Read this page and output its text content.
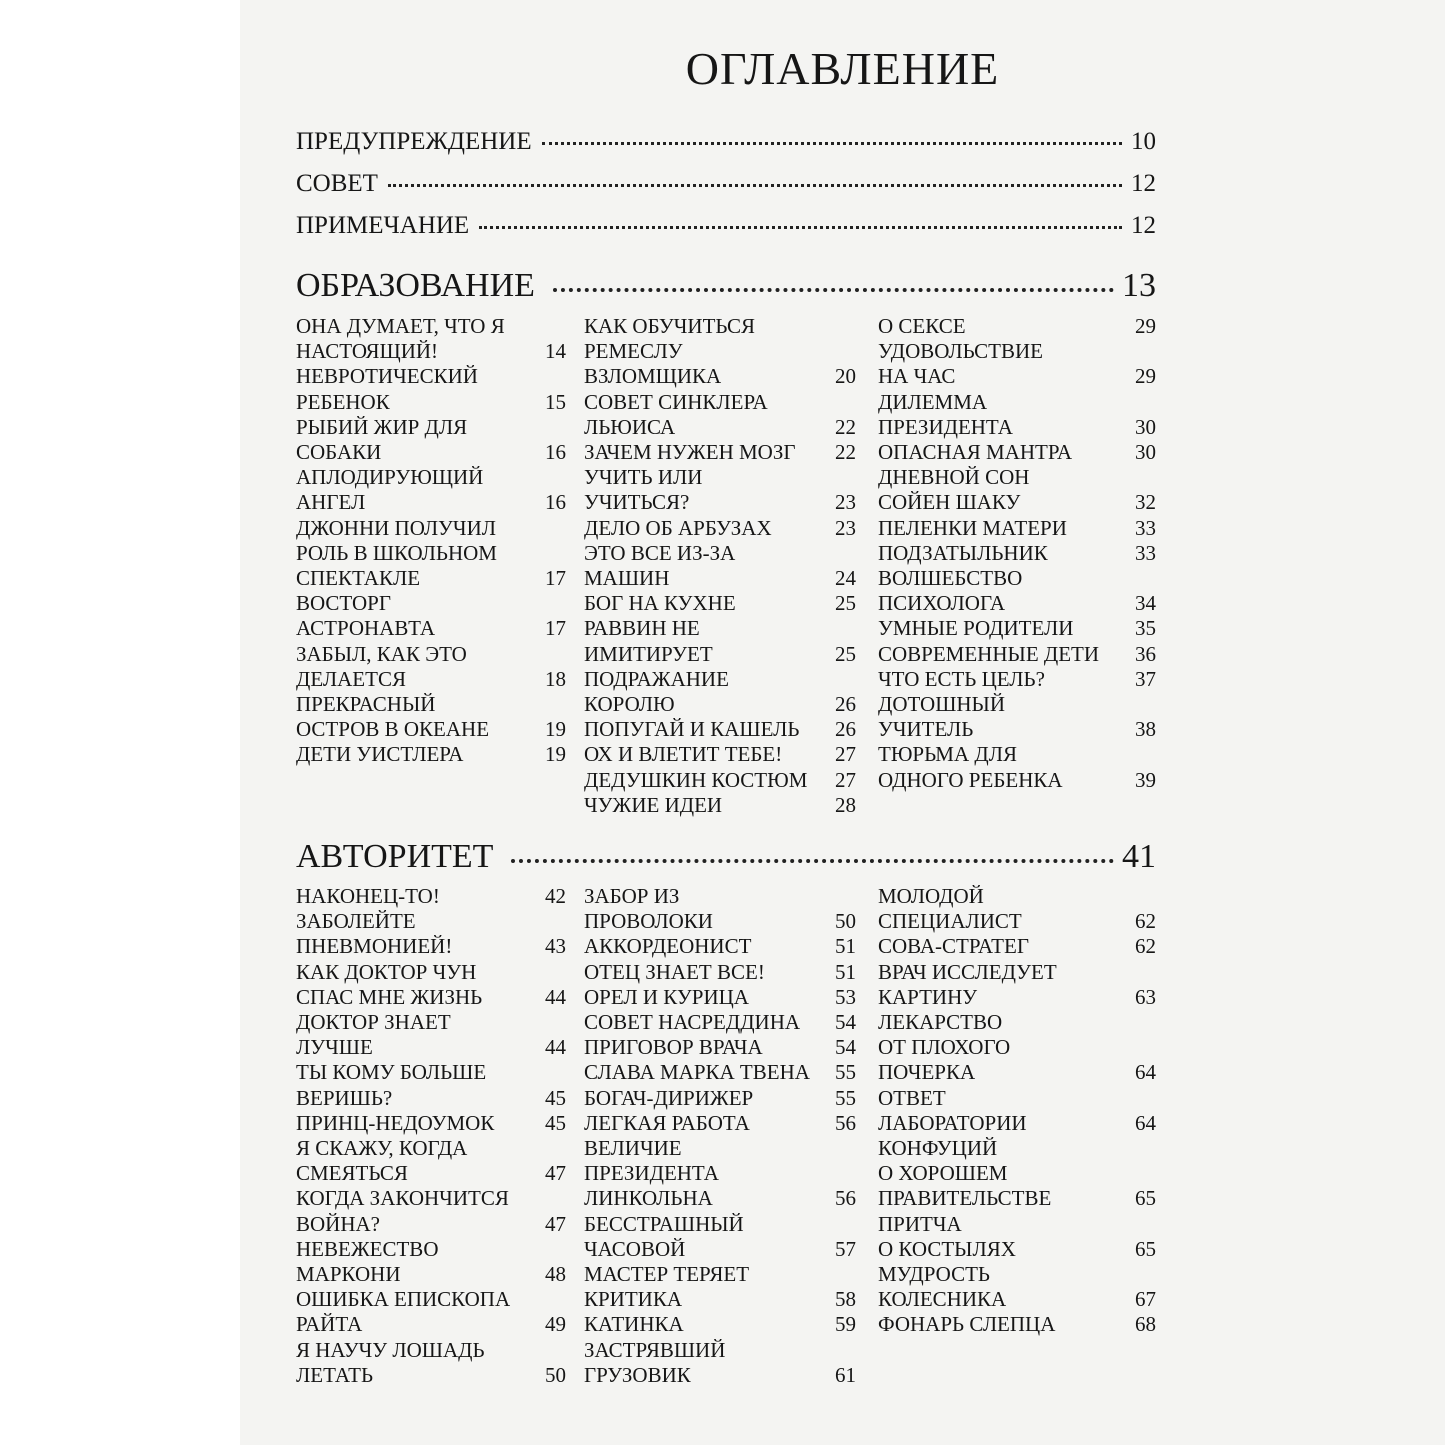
ОГЛАВЛЕНИЕ
ПРЕДУПРЕЖДЕНИЕ	10
СОВЕТ	12
ПРИМЕЧАНИЕ	12
ОБРАЗОВАНИЕ	13
ОНА ДУМАЕТ, ЧТО Я
НАСТОЯЩИЙ!	14
НЕВРОТИЧЕСКИЙ
РЕБЕНОК	15
РЫБИЙ ЖИР ДЛЯ
СОБАКИ	16
АПЛОДИРУЮЩИЙ
АНГЕЛ	16
ДЖОННИ ПОЛУЧИЛ
РОЛЬ В ШКОЛЬНОМ
СПЕКТАКЛЕ	17
ВОСТОРГ
АСТРОНАВТА	17
ЗАБЫЛ, КАК ЭТО
ДЕЛАЕТСЯ	18
ПРЕКРАСНЫЙ
ОСТРОВ В ОКЕАНЕ	19
ДЕТИ УИСТЛЕРА	19
КАК ОБУЧИТЬСЯ
РЕМЕСЛУ
ВЗЛОМЩИКА	20
СОВЕТ СИНКЛЕРА
ЛЬЮИСА	22
ЗАЧЕМ НУЖЕН МОЗГ	22
УЧИТЬ ИЛИ
УЧИТЬСЯ?	23
ДЕЛО ОБ АРБУЗАХ	23
ЭТО ВСЕ ИЗ-ЗА
МАШИН	24
БОГ НА КУХНЕ	25
РАВВИН НЕ
ИМИТИРУЕТ	25
ПОДРАЖАНИЕ
КОРОЛЮ	26
ПОПУГАЙ И КАШЕЛЬ	26
ОХ И ВЛЕТИТ ТЕБЕ!	27
ДЕДУШКИН КОСТЮМ	27
ЧУЖИЕ ИДЕИ	28
О СЕКСЕ	29
УДОВОЛЬСТВИЕ
НА ЧАС	29
ДИЛЕММА
ПРЕЗИДЕНТА	30
ОПАСНАЯ МАНТРА	30
ДНЕВНОЙ СОН
СОЙЕН ШАКУ	32
ПЕЛЕНКИ МАТЕРИ	33
ПОДЗАТЫЛЬНИК	33
ВОЛШЕБСТВО
ПСИХОЛОГА	34
УМНЫЕ РОДИТЕЛИ	35
СОВРЕМЕННЫЕ ДЕТИ	36
ЧТО ЕСТЬ ЦЕЛЬ?	37
ДОТОШНЫЙ
УЧИТЕЛЬ	38
ТЮРЬМА ДЛЯ
ОДНОГО РЕБЕНКА	39
АВТОРИТЕТ	41
НАКОНЕЦ-ТО!	42
ЗАБОЛЕЙТЕ
ПНЕВМОНИЕЙ!	43
КАК ДОКТОР ЧУН
СПАС МНЕ ЖИЗНЬ	44
ДОКТОР ЗНАЕТ
ЛУЧШЕ	44
ТЫ КОМУ БОЛЬШЕ
ВЕРИШЬ?	45
ПРИНЦ-НЕДОУМОК	45
Я СКАЖУ, КОГДА
СМЕЯТЬСЯ	47
КОГДА ЗАКОНЧИТСЯ
ВОЙНА?	47
НЕВЕЖЕСТВО
МАРКОНИ	48
ОШИБКА ЕПИСКОПА
РАЙТА	49
Я НАУЧУ ЛОШАДЬ
ЛЕТАТЬ	50
ЗАБОР ИЗ
ПРОВОЛОКИ	50
АККОРДЕОНИСТ	51
ОТЕЦ ЗНАЕТ ВСЕ!	51
ОРЕЛ И КУРИЦА	53
СОВЕТ НАСРЕДДИНА	54
ПРИГОВОР ВРАЧА	54
СЛАВА МАРКА ТВЕНА	55
БОГАЧ-ДИРИЖЕР	55
ЛЕГКАЯ РАБОТА	56
ВЕЛИЧИЕ
ПРЕЗИДЕНТА
ЛИНКОЛЬНА	56
БЕССТРАШНЫЙ
ЧАСОВОЙ	57
МАСТЕР ТЕРЯЕТ
КРИТИКА	58
КАТИНКА	59
ЗАСТРЯВШИЙ
ГРУЗОВИК	61
МОЛОДОЙ
СПЕЦИАЛИСТ	62
СОВА-СТРАТЕГ	62
ВРАЧ ИССЛЕДУЕТ
КАРТИНУ	63
ЛЕКАРСТВО
ОТ ПЛОХОГО
ПОЧЕРКА	64
ОТВЕТ
ЛАБОРАТОРИИ	64
КОНФУЦИЙ
О ХОРОШЕМ
ПРАВИТЕЛЬСТВЕ	65
ПРИТЧА
О КОСТЫЛЯХ	65
МУДРОСТЬ
КОЛЕСНИКА	67
ФОНАРЬ СЛЕПЦА	68
